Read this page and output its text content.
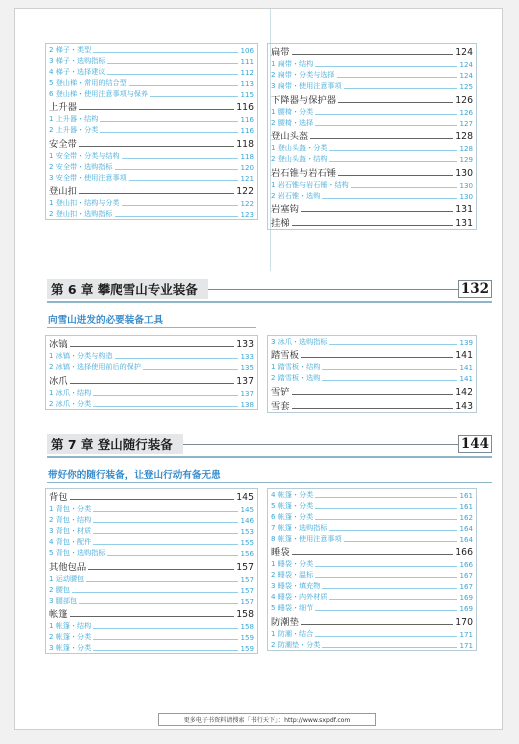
2 梯子・类型	106
3 梯子・选购指标	111
4 梯子・选择建议	112
5 登山梯・常用的结合型	113
6 登山梯・使用注意事项与保养	115
上升器	116
1 上升器・结构	116
2 上升器・分类	116
安全带	118
1 安全带・分类与结构	118
2 安全带・选购指标	120
3 安全带・使用注意事项	121
登山扣	122
1 登山扣・结构与分类	122
2 登山扣・选购指标	123
扁带	124
1 扁带・结构	124
2 扁带・分类与选择	124
3 扁带・使用注意事项	125
下降器与保护器	126
1 腰椅・分类	126
2 腰椅・选择	127
登山头盔	128
1 登山头盔・分类	128
2 登山头盔・结构	129
岩石锥与岩石锤	130
1 岩石锥与岩石锤・结构	130
2 岩石锥・选购	130
岩塞钩	131
挂梯	131
第 6 章 攀爬雪山专业装备	132
向雪山进发的必要装备工具
冰镐	133
1 冰镐・分类与构造	133
2 冰镐・选择使用前后的保护	135
冰爪	137
1 冰爪・结构	137
2 冰爪・分类	138
3 冰爪・选购指标	139
踏雪板	141
1 踏雪板・结构	141
2 踏雪板・选购	141
雪铲	142
雪套	143
第 7 章 登山随行装备	144
带好你的随行装备，让登山行动有备无患
背包	145
1 背包・分类	145
2 背包・结构	146
3 背包・材质	153
4 背包・配件	155
5 背包・选购指标	156
其他包品	157
1 运动腰包	157
2 腰包	157
3 腿部包	157
帐篷	158
1 帐篷・结构	158
2 帐篷・分类	159
3 帐篷・分类	159
4 帐篷・分类	161
5 帐篷・分类	161
6 帐篷・分类	162
7 帐篷・选购指标	164
8 帐篷・使用注意事项	164
睡袋	166
1 睡袋・分类	166
2 睡袋・温标	167
3 睡袋・填充物	167
4 睡袋・内外材质	169
5 睡袋・细节	169
防潮垫	170
1 防潮・结合	171
2 防潮垫・分类	171
更多电子书资料请搜索「书行天下」：http://www.sxpdf.com
